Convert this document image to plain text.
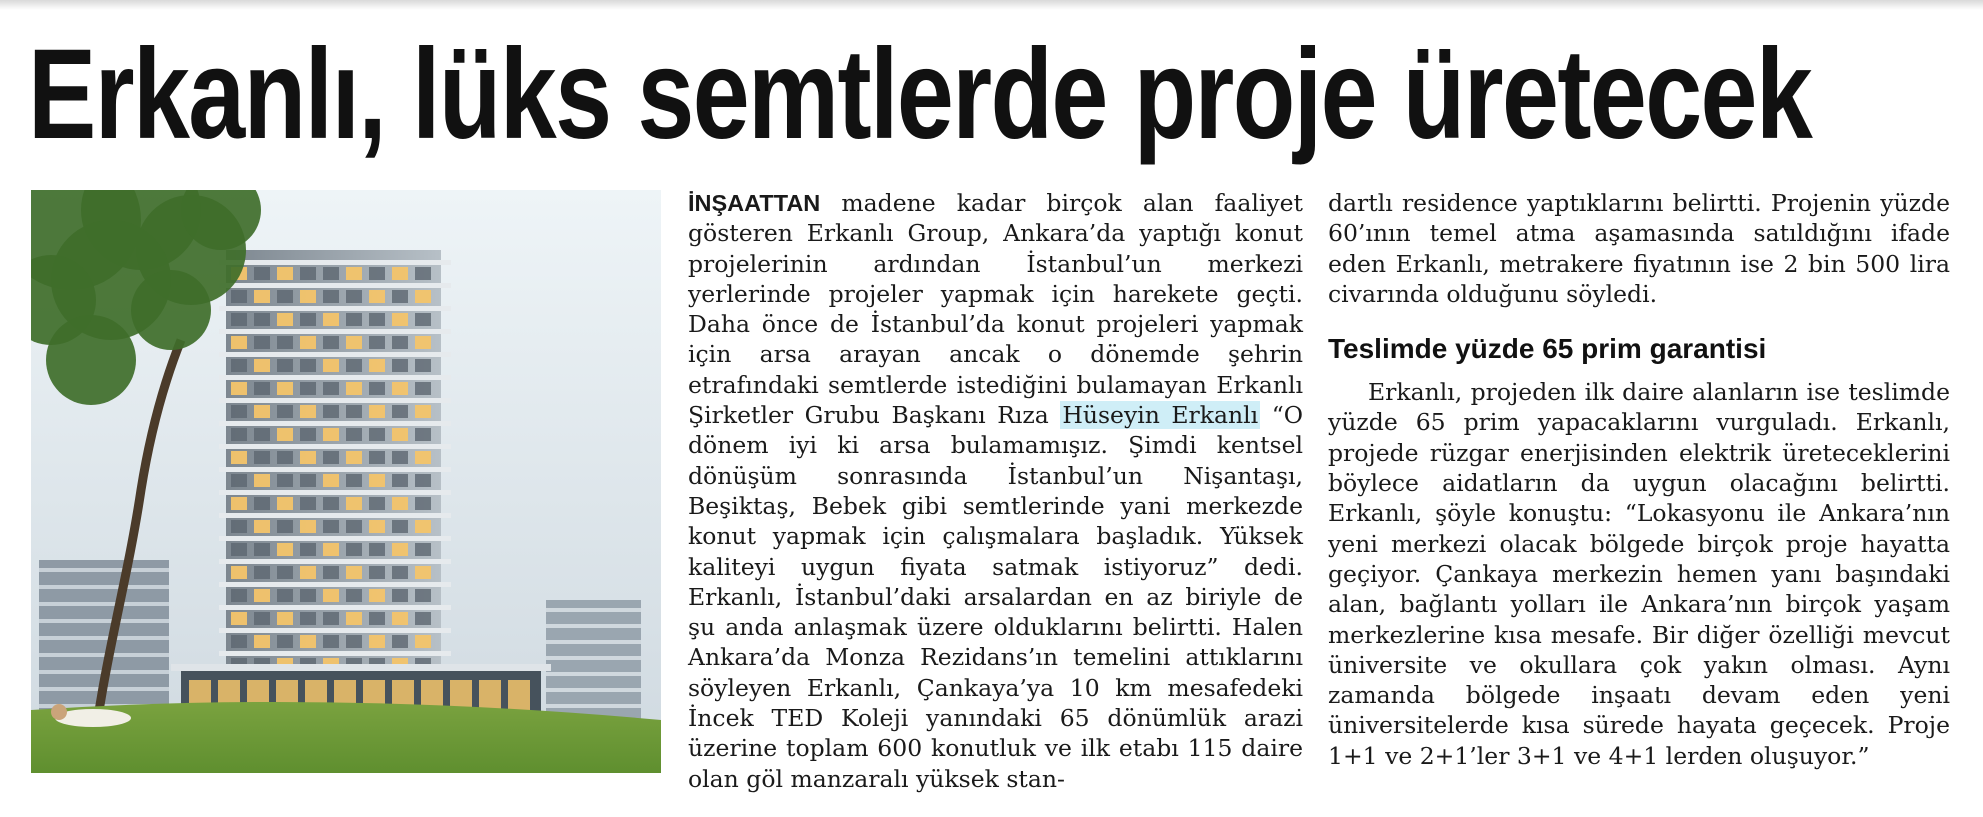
Erkanlı, lüks semtlerde proje üretecek

İNŞAATTAN madene kadar birçok alan faaliyet gösteren Erkanlı Group, Ankara’da yaptığı konut projelerinin ardından İstanbul’un merkezi yerlerinde projeler yapmak için harekete geçti. Daha önce de İstanbul’da konut projeleri yapmak için arsa arayan ancak o dönemde şehrin etrafındaki semtlerde istediğini bulamayan Erkanlı Şirketler Grubu Başkanı Rıza Hüseyin Erkanlı “O dönem iyi ki arsa bulamamışız. Şimdi kentsel dönüşüm sonrasında İstanbul’un Nişantaşı, Beşiktaş, Bebek gibi semtlerinde yani merkezde konut yapmak için çalışmalara başladık. Yüksek kaliteyi uygun fiyata satmak istiyoruz” dedi. Erkanlı, İstanbul’daki arsalardan en az biriyle de şu anda anlaşmak üzere olduklarını belirtti. Halen Ankara’da Monza Rezidans’ın temelini attıklarını söyleyen Erkanlı, Çankaya’ya 10 km mesafedeki İncek TED Koleji yanındaki 65 dönümlük arazi üzerine toplam 600 konutluk ve ilk etabı 115 daire olan göl manzaralı yüksek stan-

dartlı residence yaptıklarını belirtti. Projenin yüzde 60’ının temel atma aşamasında satıldığını ifade eden Erkanlı, metrakere fiyatının ise 2 bin 500 lira civarında olduğunu söyledi.

Teslimde yüzde 65 prim garantisi

Erkanlı, projeden ilk daire alanların ise teslimde yüzde 65 prim yapacaklarını vurguladı. Erkanlı, projede rüzgar enerjisinden elektrik üreteceklerini böylece aidatların da uygun olacağını belirtti. Erkanlı, şöyle konuştu: “Lokasyonu ile Ankara’nın yeni merkezi olacak bölgede birçok proje hayatta geçiyor. Çankaya merkezin hemen yanı başındaki alan, bağlantı yolları ile Ankara’nın birçok yaşam merkezlerine kısa mesafe. Bir diğer özelliği mevcut üniversite ve okullara çok yakın olması. Aynı zamanda bölgede inşaatı devam eden yeni üniversitelerde kısa sürede hayata geçecek. Proje 1+1 ve 2+1’ler 3+1 ve 4+1 lerden oluşuyor.”
